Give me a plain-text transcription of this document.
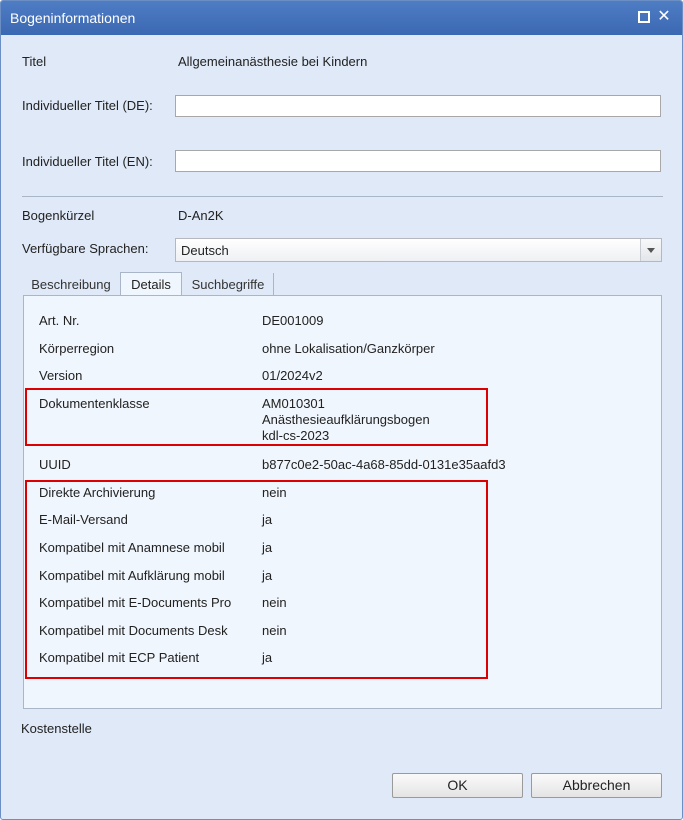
Bogeninformationen	✕
Titel	Allgemeinanästhesie bei Kindern
Individueller Titel (DE):
Individueller Titel (EN):
Bogenkürzel	D-An2K
Verfügbare Sprachen:	Deutsch
Beschreibung	Details	Suchbegriffe
Art. Nr.	DE001009
Körperregion	ohne Lokalisation/Ganzkörper
Version	01/2024v2
Dokumentenklasse	AM010301
Anästhesieaufklärungsbogen
kdl-cs-2023
UUID	b877c0e2-50ac-4a68-85dd-0131e35aafd3
Direkte Archivierung	nein
E-Mail-Versand	ja
Kompatibel mit Anamnese mobil	ja
Kompatibel mit Aufklärung mobil	ja
Kompatibel mit E-Documents Pro nein
Kompatibel mit Documents Desk	nein
Kompatibel mit ECP Patient	ja
Kostenstelle
OK	Abbrechen
